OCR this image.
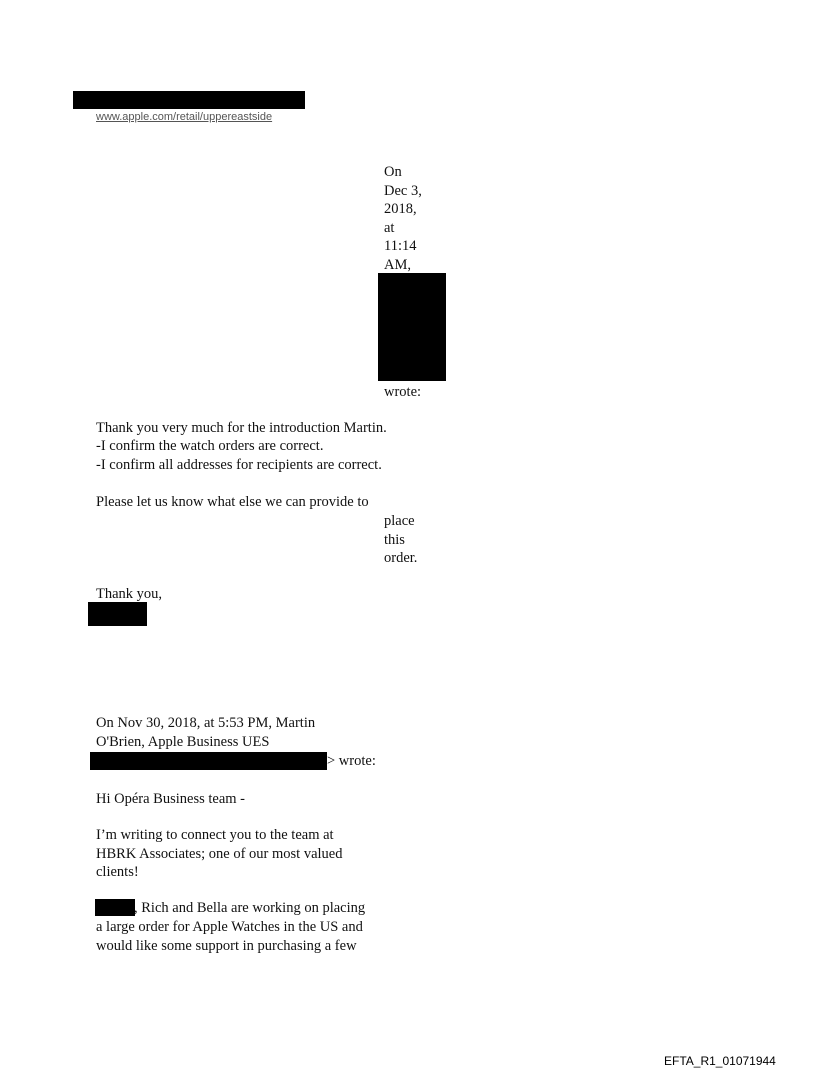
www.apple.com/retail/uppereastside
On
Dec 3,
2018,
at
11:14
AM,
wrote:
Thank you very much for the introduction Martin.
-I confirm the watch orders are correct.
-I confirm all addresses for recipients are correct.
Please let us know what else we can provide to
place
this
order.
Thank you,
On Nov 30, 2018, at 5:53 PM, Martin
O'Brien, Apple Business UES
> wrote:
Hi Opéra Business team -
I’m writing to connect you to the team at
HBRK Associates; one of our most valued
clients!
, Rich and Bella are working on placing
a large order for Apple Watches in the US and
would like some support in purchasing a few
EFTA_R1_01071944
